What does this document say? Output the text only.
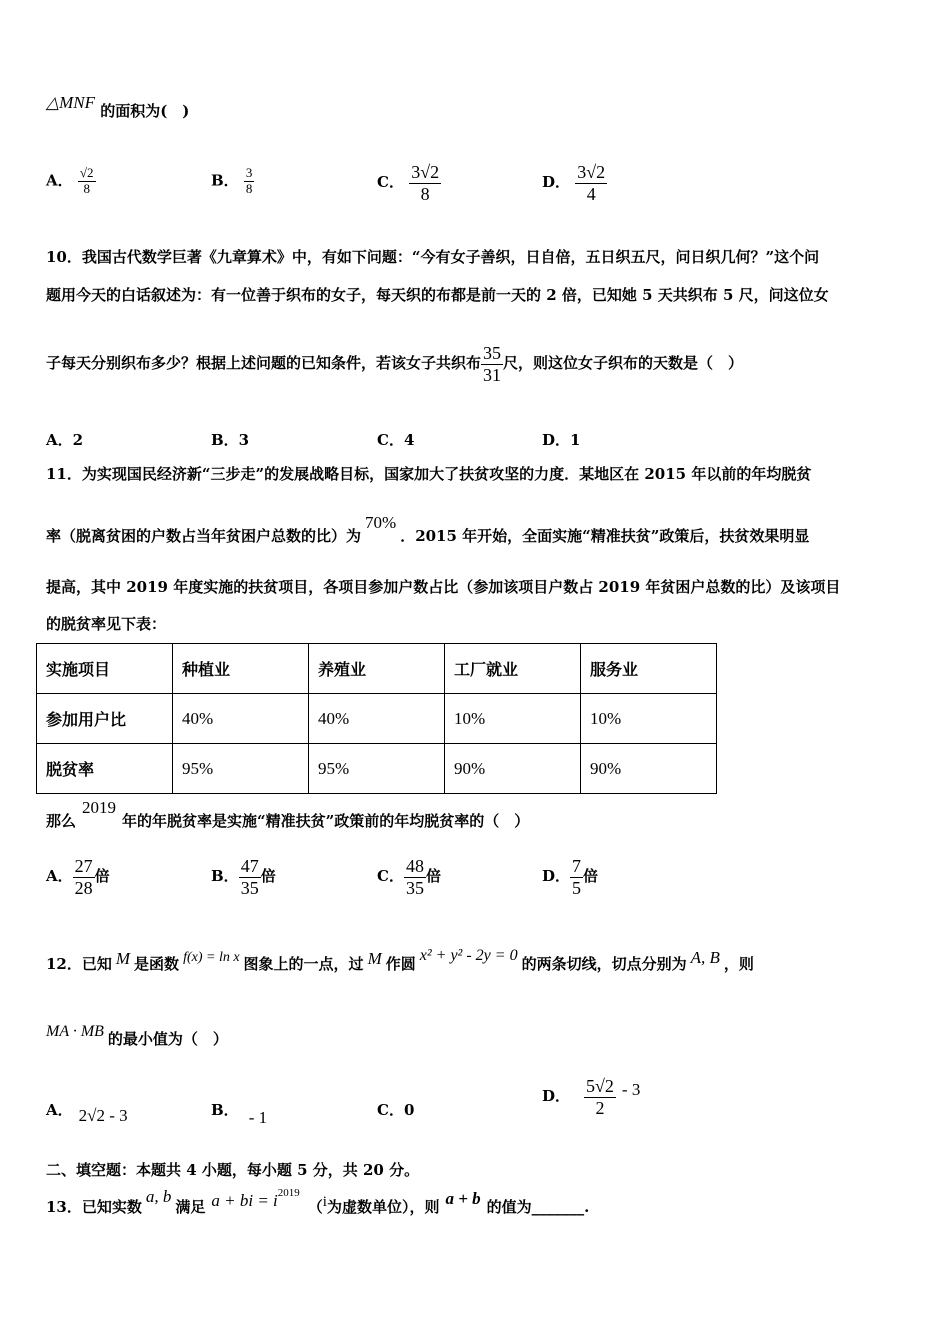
△MNF 的面积为(　)
A． $\frac{√2}{8}$	B． $\frac{3}{8}$	C． $\frac{3√2}{8}$	D． $\frac{3√2}{4}$
10．我国古代数学巨著《九章算术》中，有如下问题：“今有女子善织，日自倍，五日织五尺，问日织几何？”这个问
题用今天的白话叙述为：有一位善于织布的女子，每天织的布都是前一天的 2 倍，已知她 5 天共织布 5 尺，问这位女
子每天分别织布多少？根据上述问题的已知条件，若该女子共织布 $\frac{35}{31}$ 尺，则这位女子织布的天数是（　）
A．2	B．3	C．4	D．1
11．为实现国民经济新“三步走”的发展战略目标，国家加大了扶贫攻坚的力度．某地区在 2015 年以前的年均脱贫
率（脱离贫困的户数占当年贫困户总数的比）为70%．2015 年开始，全面实施“精准扶贫”政策后，扶贫效果明显
提高，其中 2019 年度实施的扶贫项目，各项目参加户数占比（参加该项目户数占 2019 年贫困户总数的比）及该项目
的脱贫率见下表：
实施项目	种植业	养殖业	工厂就业	服务业
参加用户比	40%	40%	10%	10%
脱贫率	95%	95%	90%	90%
那么2019年的年脱贫率是实施“精准扶贫”政策前的年均脱贫率的（　）
A． $\frac{27}{28}$ 倍	B． $\frac{47}{35}$ 倍	C． $\frac{48}{35}$ 倍	D． $\frac{7}{5}$ 倍
12．已知 M 是函数 f(x) = ln x 图象上的一点，过 M 作圆 x² + y² - 2y = 0 的两条切线，切点分别为 A, B ，则
MA · MB 的最小值为（　）
A． 2√2 - 3	B． - 1	C．0
D． $\frac{5√2}{2} - 3$
二、填空题：本题共 4 小题，每小题 5 分，共 20 分。
13．已知实数a, b满足 a + bi = $i^{2019}(i$为虚数单位），则 a + b 的值为_______.
